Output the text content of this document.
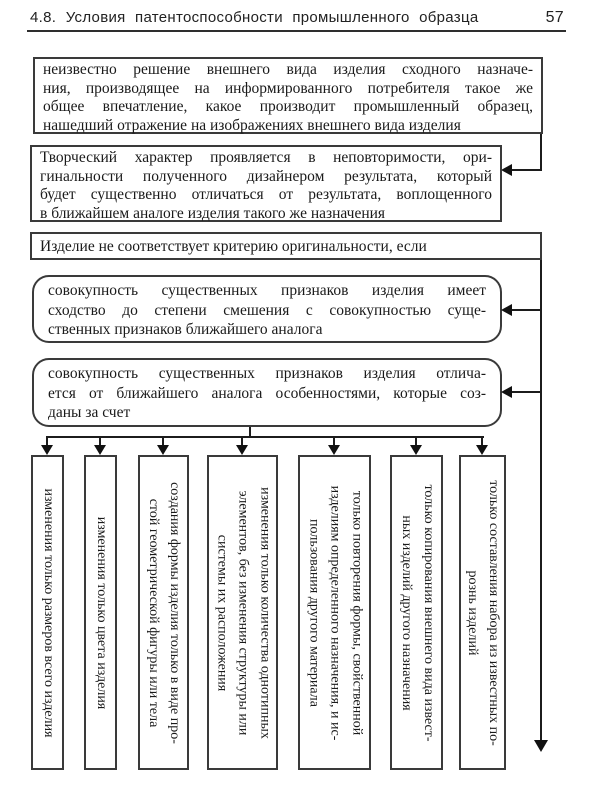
4.8. Условия патентоспособности промышленного образца	57
неизвестно решение внешнего вида изделия сходного назначе-
ния, производящее на информированного потребителя такое же
общее впечатление, какое производит промышленный образец,
нашедший отражение на изображениях внешнего вида изделия
Творческий характер проявляется в неповторимости, ори-
гинальности полученного дизайнером результата, который
будет существенно отличаться от результата, воплощенного
в ближайшем аналоге изделия такого же назначения
Изделие не соответствует критерию оригинальности, если
совокупность существенных признаков изделия имеет
сходство до степени смешения с совокупностью суще-
ственных признаков ближайшего аналога
совокупность существенных признаков изделия отлича-
ется от ближайшего аналога особенностями, которые соз-
даны за счет
изменения только размеров всего изделия	изменения только цвета изделия	создания формы изделия только в виде про-
стой геометрической фигуры или тела	изменения только количества однотипных
элементов, без изменения структуры или
системы их расположения	только повторения формы, свойственной
изделиям определенного назначения, и ис-
пользования другого материала	только копирования внешнего вида извест-
ных изделий другого назначения	только составления набора из известных по-
рознь изделий
